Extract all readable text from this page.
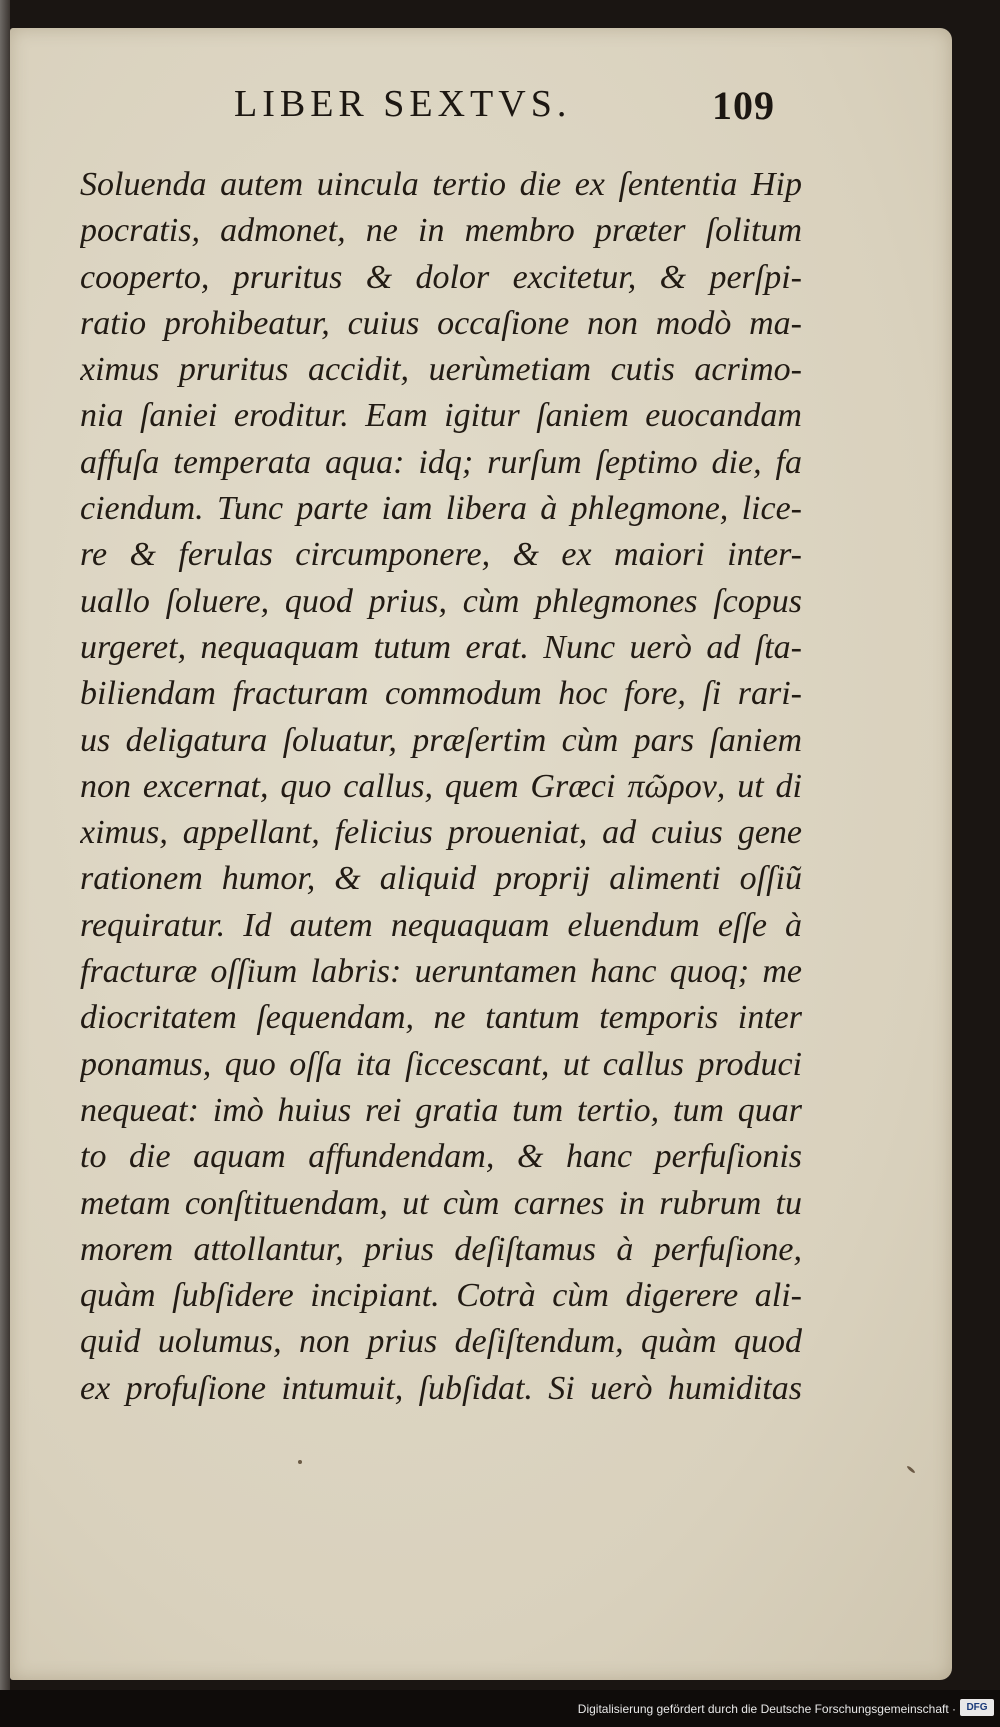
LIBER SEXTVS.	109
Soluenda autem uincula tertio die ex ſententia Hip
pocratis, admonet, ne in membro præter ſolitum
cooperto, pruritus & dolor excitetur, & perſpi-
ratio prohibeatur, cuius occaſione non modò ma-
ximus pruritus accidit, uerùmetiam cutis acrimo-
nia ſaniei eroditur. Eam igitur ſaniem euocandam
affuſa temperata aqua: idq; rurſum ſeptimo die, fa
ciendum. Tunc parte iam libera à phlegmone, lice-
re & ferulas circumponere, & ex maiori inter-
uallo ſoluere, quod prius, cùm phlegmones ſcopus
urgeret, nequaquam tutum erat. Nunc uerò ad ſta-
biliendam fracturam commodum hoc fore, ſi rari-
us deligatura ſoluatur, præſertim cùm pars ſaniem
non excernat, quo callus, quem Græci πῶρον, ut di
ximus, appellant, felicius proueniat, ad cuius gene
rationem humor, & aliquid proprij alimenti oſſiũ
requiratur. Id autem nequaquam eluendum eſſe à
fracturæ oſſium labris: ueruntamen hanc quoq; me
diocritatem ſequendam, ne tantum temporis inter
ponamus, quo oſſa ita ſiccescant, ut callus produci
nequeat: imò huius rei gratia tum tertio, tum quar
to die aquam affundendam, & hanc perfuſionis
metam conſtituendam, ut cùm carnes in rubrum tu
morem attollantur, prius deſiſtamus à perfuſione,
quàm ſubſidere incipiant. Cotrà cùm digerere ali-
quid uolumus, non prius deſiſtendum, quàm quod
ex profuſione intumuit, ſubſidat. Si uerò humiditas
Digitalisierung gefördert durch die Deutsche Forschungsgemeinschaft ·	DFG
